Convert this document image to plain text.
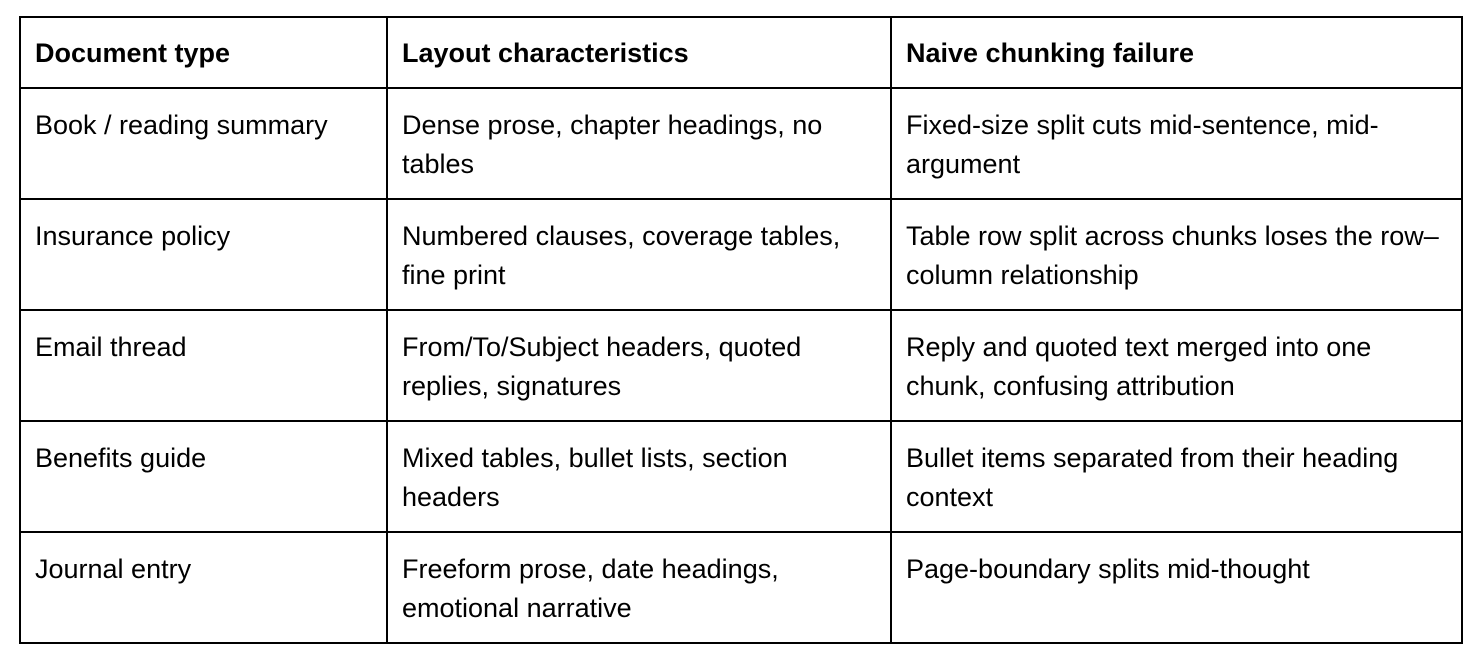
Document type	Layout characteristics	Naive chunking failure
Book / reading summary	Dense prose, chapter headings, no tables	Fixed-size split cuts mid-sentence, mid-argument
Insurance policy	Numbered clauses, coverage tables, fine print	Table row split across chunks loses the row–column relationship
Email thread	From/To/Subject headers, quoted replies, signatures	Reply and quoted text merged into one chunk, confusing attribution
Benefits guide	Mixed tables, bullet lists, section headers	Bullet items separated from their heading context
Journal entry	Freeform prose, date headings, emotional narrative	Page-boundary splits mid-thought
